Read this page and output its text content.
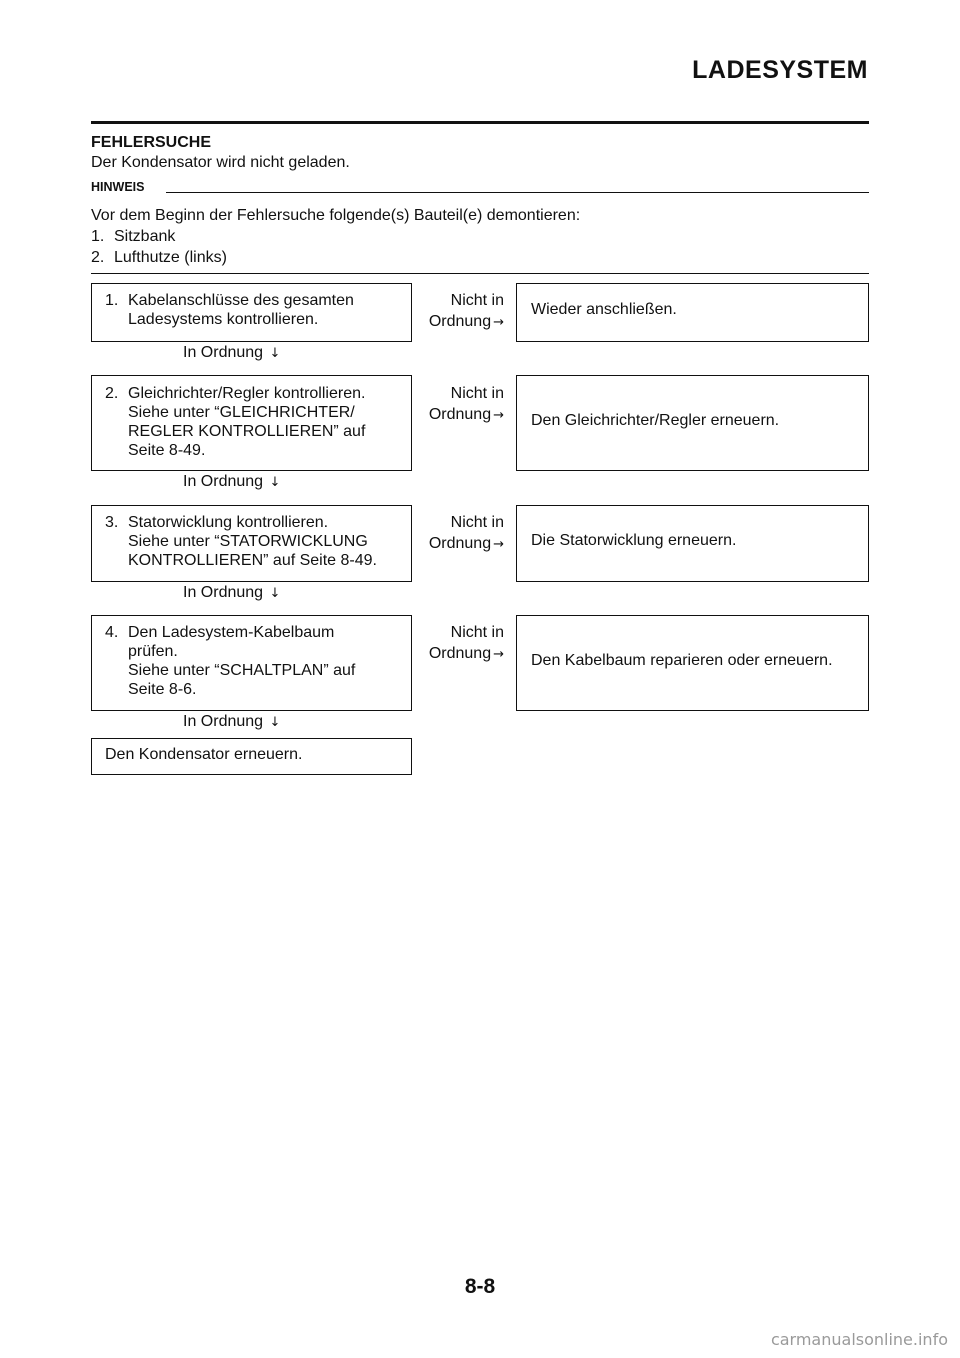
LADESYSTEM
FEHLERSUCHE
Der Kondensator wird nicht geladen.
HINWEIS
Vor dem Beginn der Fehlersuche folgende(s) Bauteil(e) demontieren:
1. Sitzbank
2. Lufthutze (links)
1. Kabelanschlüsse des gesamten
Ladesystems kontrollieren.
Nicht in
Ordnung →
Wieder anschließen.
In Ordnung ↓
2. Gleichrichter/Regler kontrollieren.
Siehe unter “GLEICHRICHTER/
REGLER KONTROLLIEREN” auf
Seite 8-49.
Nicht in
Ordnung → Den Gleichrichter/Regler erneuern.
In Ordnung ↓
3. Statorwicklung kontrollieren.
Siehe unter “STATORWICKLUNG
KONTROLLIEREN” auf Seite 8-49.
Nicht in
Ordnung → Die Statorwicklung erneuern.
In Ordnung ↓
4. Den Ladesystem-Kabelbaum
prüfen.
Siehe unter “SCHALTPLAN” auf
Seite 8-6.
Nicht in
Ordnung → Den Kabelbaum reparieren oder erneuern.
In Ordnung ↓
Den Kondensator erneuern.
8-8
carmanualsonline.info
